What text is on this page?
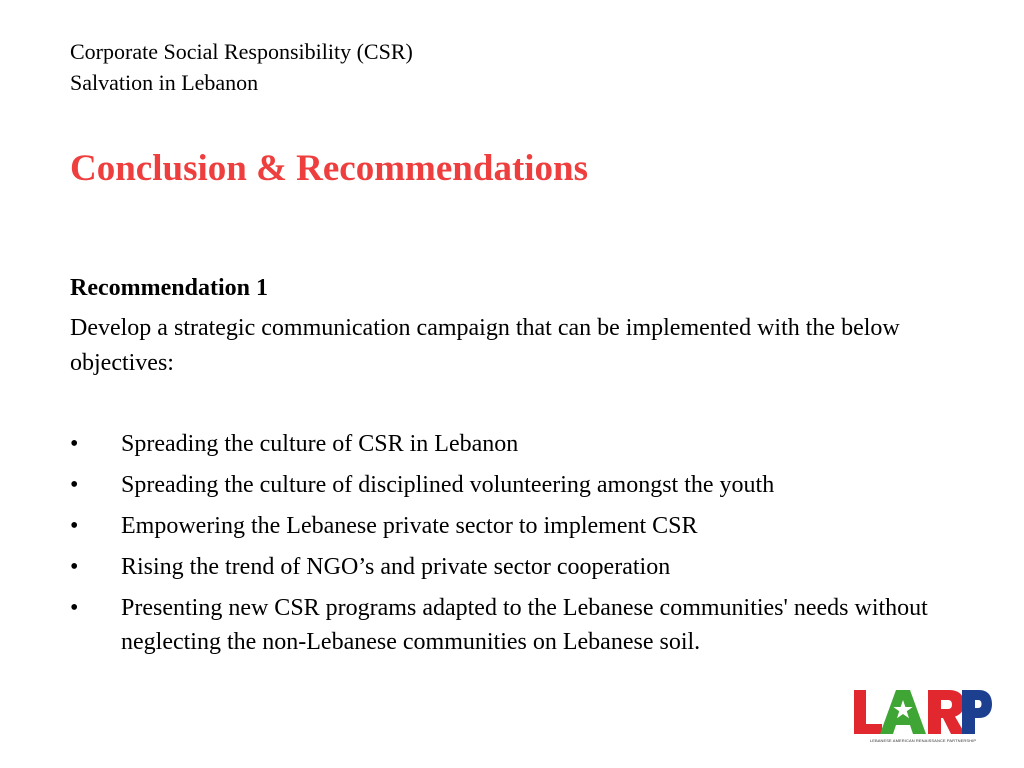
Corporate Social Responsibility (CSR)
Salvation in Lebanon
Conclusion & Recommendations
Recommendation 1
Develop a strategic communication campaign that can be implemented with the below objectives:
•	Spreading the culture of CSR in Lebanon
•	Spreading the culture of disciplined volunteering amongst the youth
•	Empowering the Lebanese private sector to implement CSR
•	Rising the trend of NGO’s and private sector cooperation
•	Presenting new CSR programs adapted to the Lebanese communities' needs without neglecting the non-Lebanese communities on Lebanese soil.
LEBANESE AMERICAN RENAISSANCE PARTNERSHIP
